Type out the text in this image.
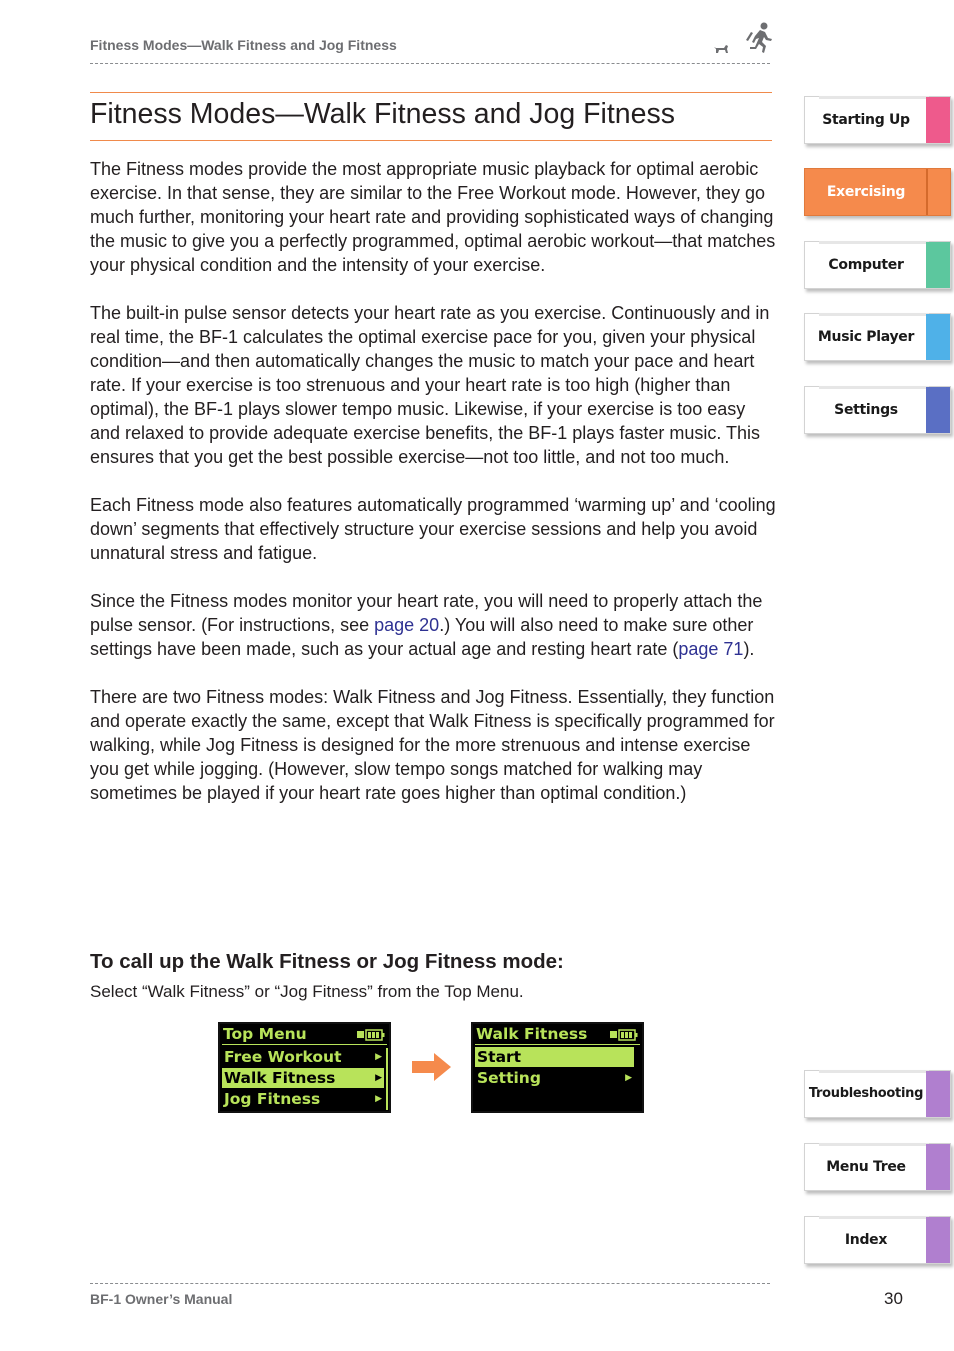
Fitness Modes—Walk Fitness and Jog Fitness
Fitness Modes—Walk Fitness and Jog Fitness

The Fitness modes provide the most appropriate music playback for optimal aerobic exercise. In that sense, they are similar to the Free Workout mode. However, they go much further, monitoring your heart rate and providing sophisticated ways of changing the music to give you a perfectly programmed, optimal aerobic workout—that matches your physical condition and the intensity of your exercise.

The built-in pulse sensor detects your heart rate as you exercise. Continuously and in real time, the BF-1 calculates the optimal exercise pace for you, given your physical condition—and then automatically changes the music to match your pace and heart rate. If your exercise is too strenuous and your heart rate is too high (higher than optimal), the BF-1 plays slower tempo music. Likewise, if your exercise is too easy and relaxed to provide adequate exercise benefits, the BF-1 plays faster music. This ensures that you get the best possible exercise—not too little, and not too much.

Each Fitness mode also features automatically programmed ‘warming up’ and ‘cooling down’ segments that effectively structure your exercise sessions and help you avoid unnatural stress and fatigue.

Since the Fitness modes monitor your heart rate, you will need to properly attach the pulse sensor. (For instructions, see page 20.) You will also need to make sure other settings have been made, such as your actual age and resting heart rate (page 71).

There are two Fitness modes: Walk Fitness and Jog Fitness. Essentially, they function and operate exactly the same, except that Walk Fitness is specifically programmed for walking, while Jog Fitness is designed for the more strenuous and intense exercise you get while jogging. (However, slow tempo songs matched for walking may sometimes be played if your heart rate goes higher than optimal condition.)

To call up the Walk Fitness or Jog Fitness mode:
Select “Walk Fitness” or “Jog Fitness” from the Top Menu.
Top Menu
Free Workout	▶
Walk Fitness	▶
Jog Fitness	▶
Walk Fitness
Start
Setting	▶
Starting Up
Exercising
Computer
Music Player
Settings
Troubleshooting
Menu Tree
Index
BF-1 Owner’s Manual	30
